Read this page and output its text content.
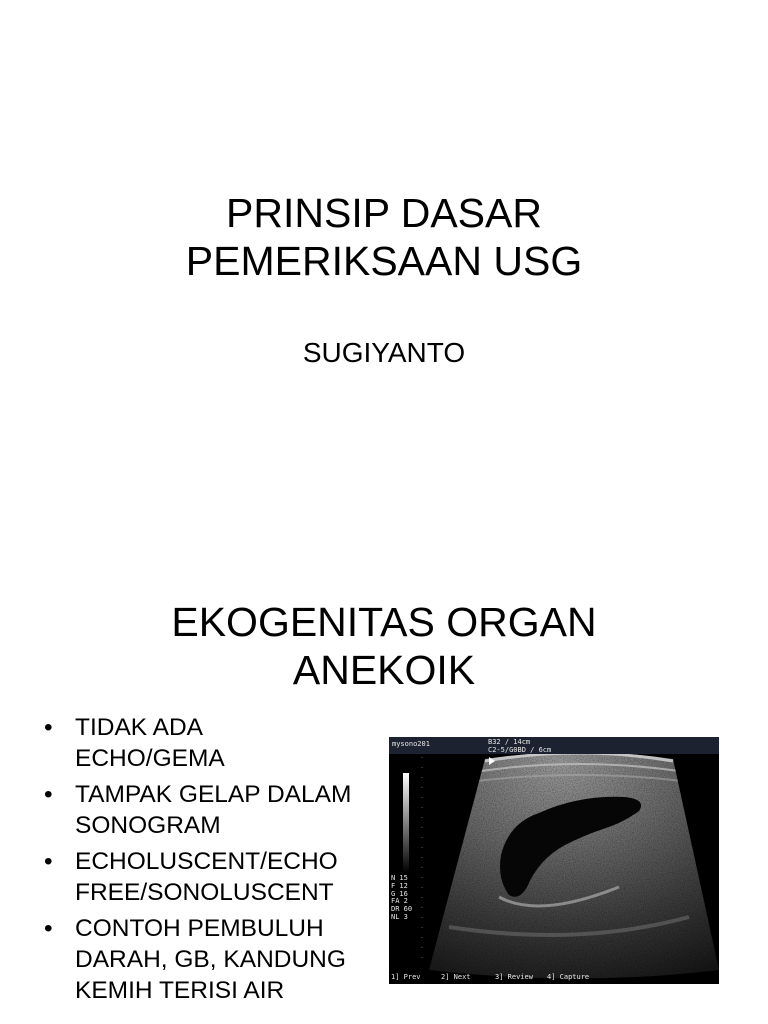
PRINSIP DASAR
PEMERIKSAAN USG
SUGIYANTO
EKOGENITAS ORGAN
ANEKOIK
• TIDAK ADA
ECHO/GEMA
• TAMPAK GELAP DALAM
SONOGRAM
• ECHOLUSCENT/ECHO
FREE/SONOLUSCENT
• CONTOH PEMBULUH
DARAH, GB, KANDUNG
KEMIH TERISI AIR
mysono201	B32 / 14cm
C2-5/G0BD / 6cm
N 15
F 12
G 16
FA 2
DR 60
NL 3
1] Prev	2] Next	3] Review 4] Capture
